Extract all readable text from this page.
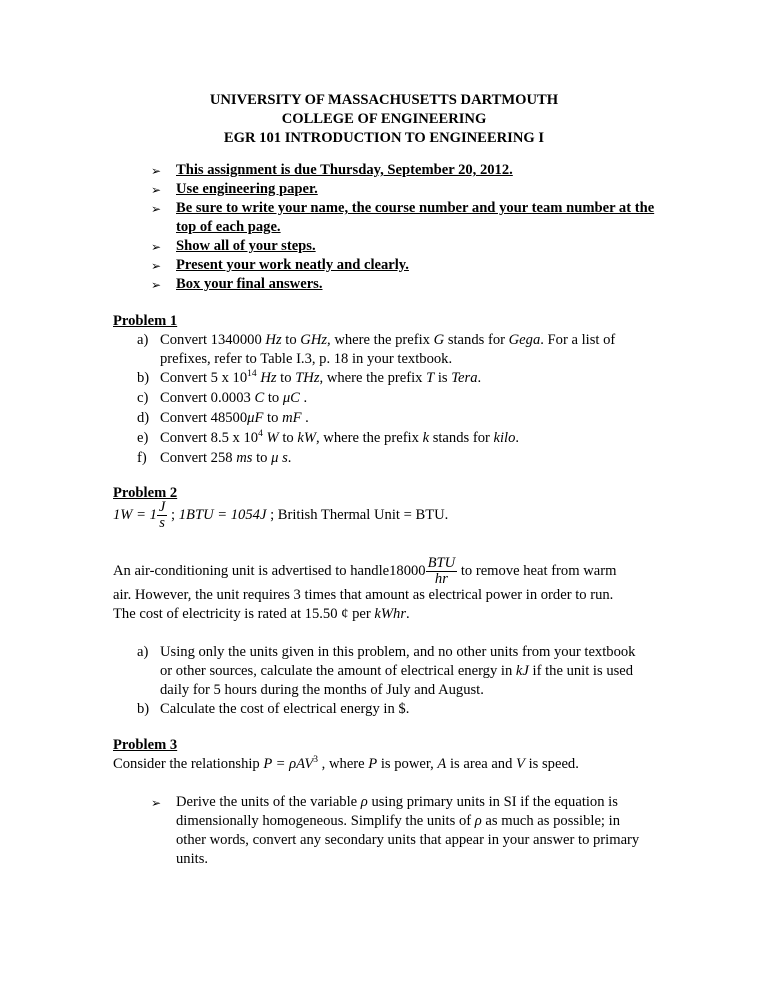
UNIVERSITY OF MASSACHUSETTS DARTMOUTH
COLLEGE OF ENGINEERING
EGR 101 INTRODUCTION TO ENGINEERING I
➢ This assignment is due Thursday, September 20, 2012.
➢ Use engineering paper.
➢ Be sure to write your name, the course number and your team number at the
top of each page.
➢ Show all of your steps.
➢ Present your work neatly and clearly.
➢ Box your final answers.
Problem 1
a) Convert 1340000 Hz to GHz, where the prefix G stands for Gega. For a list of
prefixes, refer to Table I.3, p. 18 in your textbook.
b) Convert 5 x $10^{14}$ Hz to THz, where the prefix T is Tera.
c) Convert 0.0003 C to μC .
d) Convert 48500μF to mF .
e) Convert 8.5 x $10^4$ W to kW, where the prefix k stands for kilo.
f) Convert 258 ms to μ s.
Problem 2
$1W = 1 \frac{J}{s}$ ; 1BTU = 1054J ; British Thermal Unit = BTU.
An air-conditioning unit is advertised to handle18000 $\frac{\text{BTU}}{hr}$ to remove heat from warm
air. However, the unit requires 3 times that amount as electrical power in order to run.
The cost of electricity is rated at 15.50 ¢ per kWhr.
a) Using only the units given in this problem, and no other units from your textbook
or other sources, calculate the amount of electrical energy in kJ if the unit is used
daily for 5 hours during the months of July and August.
b) Calculate the cost of electrical energy in $.
Problem 3
Consider the relationship P = ρAV$^3$ , where P is power, A is area and V is speed.
➢ Derive the units of the variable ρ using primary units in SI if the equation is
dimensionally homogeneous. Simplify the units of ρ as much as possible; in
other words, convert any secondary units that appear in your answer to primary
units.
